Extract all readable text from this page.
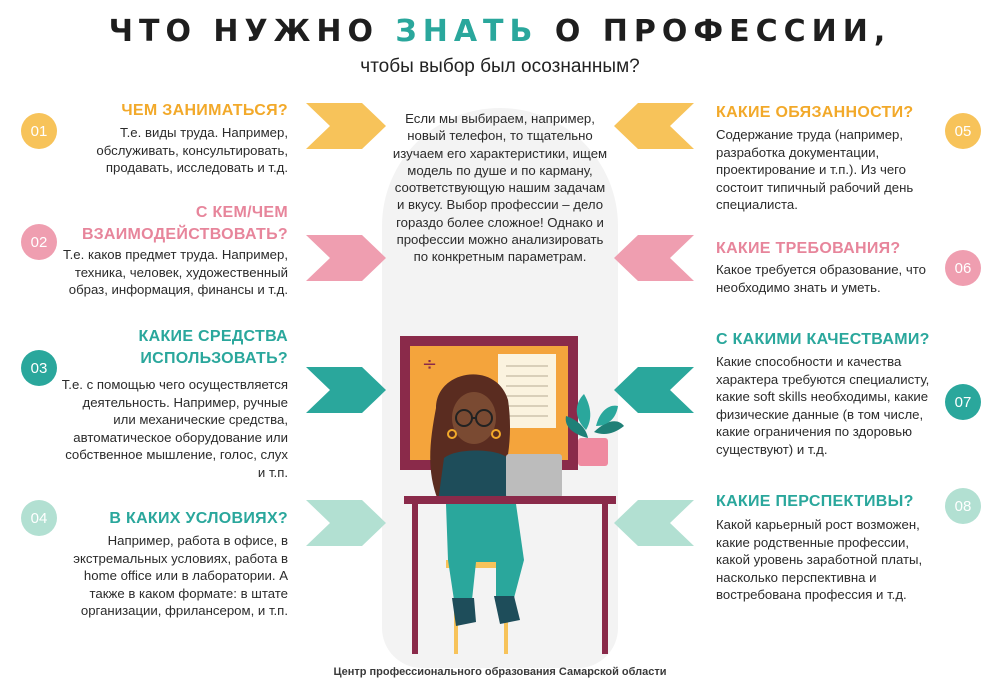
ЧТО НУЖНО ЗНАТЬ О ПРОФЕССИИ,
чтобы выбор был осознанным?
Если мы выбираем, например, новый телефон, то тщательно изучаем его характеристики, ищем модель по душе и по карману, соответствующую нашим задачам и вкусу. Выбор профессии – дело гораздо более сложное! Однако и профессии можно анализировать по конкретным параметрам.
01
ЧЕМ ЗАНИМАТЬСЯ?
Т.е. виды труда. Например, обслуживать, консультировать, продавать, исследовать и т.д.
02
С КЕМ/ЧЕМ ВЗАИМОДЕЙСТВОВАТЬ?
Т.е. каков предмет труда. Например, техника, человек, художественный образ, информация, финансы и т.д.
03
КАКИЕ СРЕДСТВА ИСПОЛЬЗОВАТЬ?
Т.е. с помощью чего осуществляется деятельность. Например, ручные или механические средства, автоматическое оборудование или собственное мышление, голос, слух и т.п.
04	В КАКИХ УСЛОВИЯХ?
Например, работа в офисе, в экстремальных условиях, работа в home office или в лаборатории. А также в каком формате: в штате организации, фрилансером, и т.п.
05
КАКИЕ ОБЯЗАННОСТИ?
Содержание труда (например, разработка документации, проектирование и т.п.). Из чего состоит типичный рабочий день специалиста.
06
КАКИЕ ТРЕБОВАНИЯ?
Какое требуется образование, что необходимо знать и уметь.
07
С КАКИМИ КАЧЕСТВАМИ?
Какие способности и качества характера требуются специалисту, какие soft skills необходимы, какие физические данные (в том числе, какие ограничения по здоровью существуют) и т.д.
08
КАКИЕ ПЕРСПЕКТИВЫ?
Какой карьерный рост возможен, какие родственные профессии, какой уровень заработной платы, насколько перспективна и востребована профессия и т.д.
÷
Центр профессионального образования Самарской области
